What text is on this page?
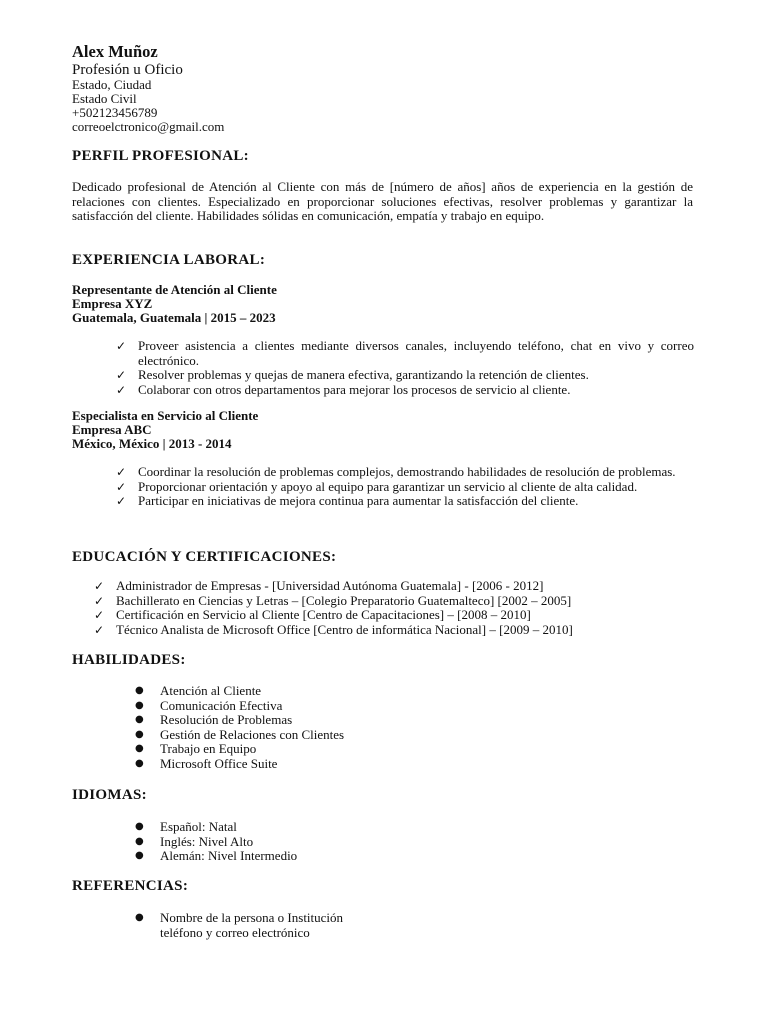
Alex Muñoz

Profesión u Oficio

Estado, Ciudad

Estado Civil

+502123456789

correoelctronico@gmail.com

PERFIL PROFESIONAL:

Dedicado profesional de Atención al Cliente con más de [número de años] años de experiencia en la gestión de relaciones con clientes. Especializado en proporcionar soluciones efectivas, resolver problemas y garantizar la satisfacción del cliente. Habilidades sólidas en comunicación, empatía y trabajo en equipo.

EXPERIENCIA LABORAL:

Representante de Atención al Cliente

Empresa XYZ

Guatemala, Guatemala | 2015 – 2023

✓ Proveer asistencia a clientes mediante diversos canales, incluyendo teléfono, chat en vivo y correo electrónico.
✓ Resolver problemas y quejas de manera efectiva, garantizando la retención de clientes.
✓ Colaborar con otros departamentos para mejorar los procesos de servicio al cliente.

Especialista en Servicio al Cliente

Empresa ABC

México, México | 2013 - 2014

✓ Coordinar la resolución de problemas complejos, demostrando habilidades de resolución de problemas.
✓ Proporcionar orientación y apoyo al equipo para garantizar un servicio al cliente de alta calidad.
✓ Participar en iniciativas de mejora continua para aumentar la satisfacción del cliente.

EDUCACIÓN Y CERTIFICACIONES:

✓ Administrador de Empresas - [Universidad Autónoma Guatemala] - [2006 - 2012]
✓ Bachillerato en Ciencias y Letras – [Colegio Preparatorio Guatemalteco] [2002 – 2005]
✓ Certificación en Servicio al Cliente [Centro de Capacitaciones] – [2008 – 2010]
✓ Técnico Analista de Microsoft Office [Centro de informática Nacional] – [2009 – 2010]

HABILIDADES:

● Atención al Cliente
● Comunicación Efectiva
● Resolución de Problemas
● Gestión de Relaciones con Clientes
● Trabajo en Equipo
● Microsoft Office Suite

IDIOMAS:

● Español: Natal
● Inglés: Nivel Alto
● Alemán: Nivel Intermedio

REFERENCIAS:

● Nombre de la persona o Institución
teléfono y correo electrónico
